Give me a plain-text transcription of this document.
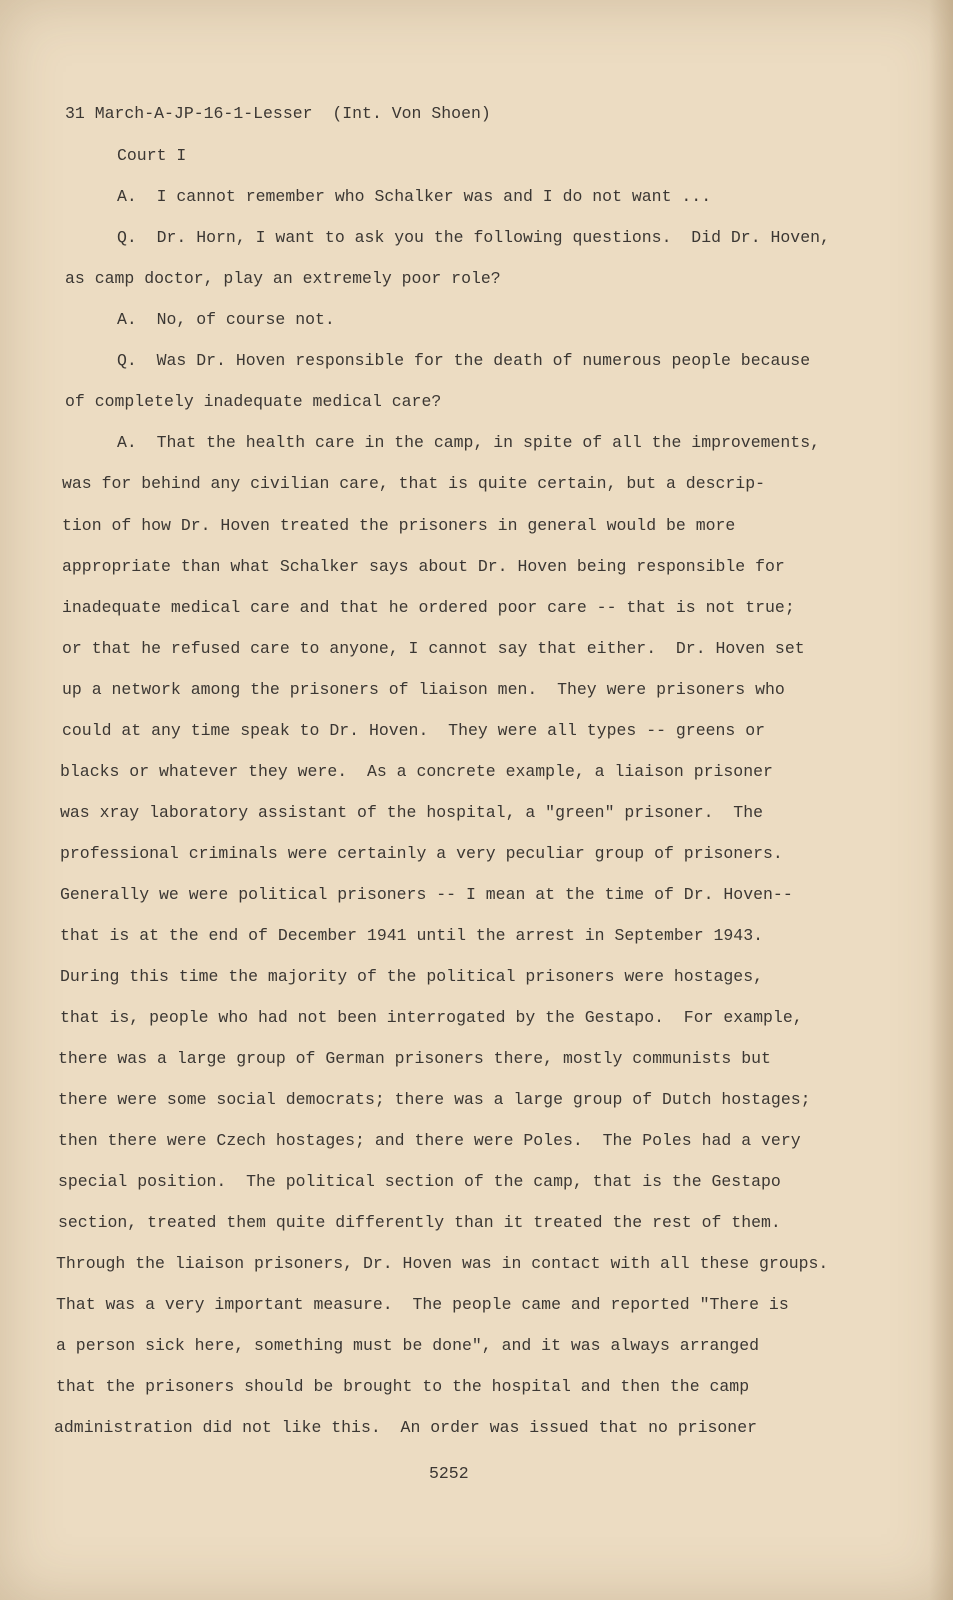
31 March-A-JP-16-1-Lesser  (Int. Von Shoen)
Court I
A.  I cannot remember who Schalker was and I do not want ...
Q.  Dr. Horn, I want to ask you the following questions.  Did Dr. Hoven,
as camp doctor, play an extremely poor role?
A.  No, of course not.
Q.  Was Dr. Hoven responsible for the death of numerous people because
of completely inadequate medical care?
A.  That the health care in the camp, in spite of all the improvements,
was for behind any civilian care, that is quite certain, but a descrip-
tion of how Dr. Hoven treated the prisoners in general would be more
appropriate than what Schalker says about Dr. Hoven being responsible for
inadequate medical care and that he ordered poor care -- that is not true;
or that he refused care to anyone, I cannot say that either.  Dr. Hoven set
up a network among the prisoners of liaison men.  They were prisoners who
could at any time speak to Dr. Hoven.  They were all types -- greens or
blacks or whatever they were.  As a concrete example, a liaison prisoner
was xray laboratory assistant of the hospital, a "green" prisoner.  The
professional criminals were certainly a very peculiar group of prisoners.
Generally we were political prisoners -- I mean at the time of Dr. Hoven--
that is at the end of December 1941 until the arrest in September 1943.
During this time the majority of the political prisoners were hostages,
that is, people who had not been interrogated by the Gestapo.  For example,
there was a large group of German prisoners there, mostly communists but
there were some social democrats; there was a large group of Dutch hostages;
then there were Czech hostages; and there were Poles.  The Poles had a very
special position.  The political section of the camp, that is the Gestapo
section, treated them quite differently than it treated the rest of them.
Through the liaison prisoners, Dr. Hoven was in contact with all these groups.
That was a very important measure.  The people came and reported "There is
a person sick here, something must be done", and it was always arranged
that the prisoners should be brought to the hospital and then the camp
administration did not like this.  An order was issued that no prisoner
5252
